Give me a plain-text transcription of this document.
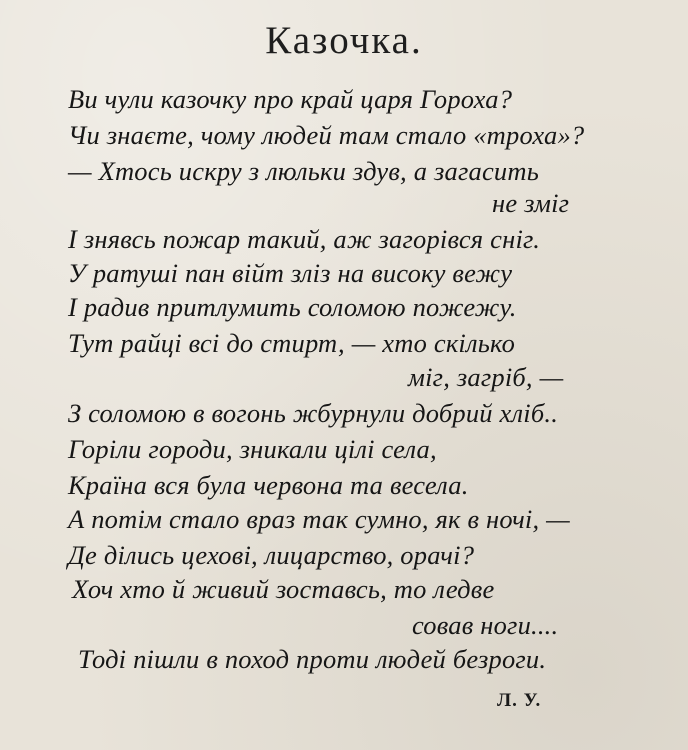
Казочка.
Ви чули казочку про край царя Гороха?
Чи знаєте, чому людей там стало «троха»?
— Хтось искру з люльки здув, а загасить
не зміг
І знявсь пожар такий, аж загорівся сніг.
У ратуші пан війт зліз на високу вежу
І радив притлумить соломою пожежу.
Тут райці всі до стирт, — хто скілько
міг, загріб, —
З соломою в вогонь жбурнули добрий хліб..
Горіли городи, зникали цілі села,
Країна вся була червона та весела.
А потім стало враз так сумно, як в ночі, —
Де ділись цехові, лицарство, орачі?
Хоч хто й живий зоставсь, то ледве
совав ноги....
Тоді пішли в поход проти людей безроги.
Л. У.
